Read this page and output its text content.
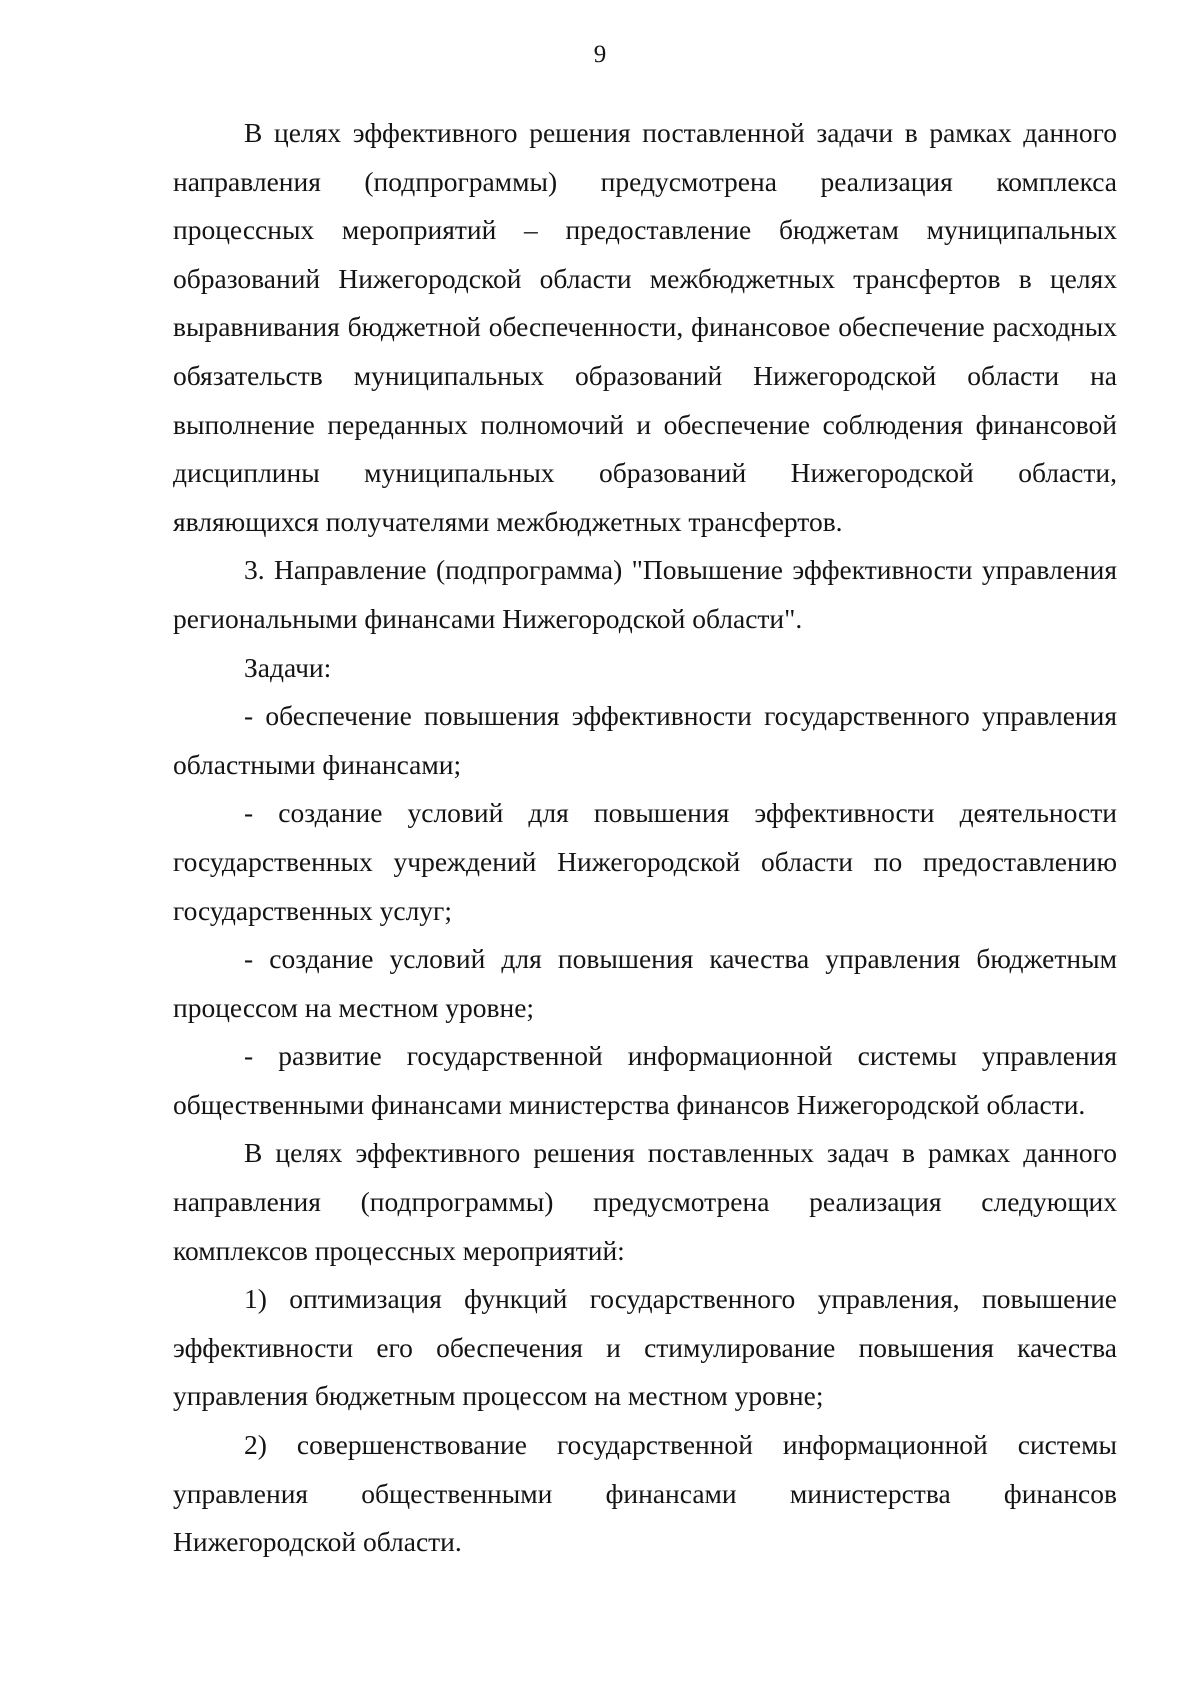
9

В целях эффективного решения поставленной задачи в рамках данного направления (подпрограммы) предусмотрена реализация комплекса процессных мероприятий – предоставление бюджетам муниципальных образований Нижегородской области межбюджетных трансфертов в целях выравнивания бюджетной обеспеченности, финансовое обеспечение расходных обязательств муниципальных образований Нижегородской области на выполнение переданных полномочий и обеспечение соблюдения финансовой дисциплины муниципальных образований Нижегородской области, являющихся получателями межбюджетных трансфертов.

3. Направление (подпрограмма) "Повышение эффективности управления региональными финансами Нижегородской области".

Задачи:

- обеспечение повышения эффективности государственного управления областными финансами;

- создание условий для повышения эффективности деятельности государственных учреждений Нижегородской области по предоставлению государственных услуг;

- создание условий для повышения качества управления бюджетным процессом на местном уровне;

- развитие государственной информационной системы управления общественными финансами министерства финансов Нижегородской области.

В целях эффективного решения поставленных задач в рамках данного направления (подпрограммы) предусмотрена реализация следующих комплексов процессных мероприятий:

1) оптимизация функций государственного управления, повышение эффективности его обеспечения и стимулирование повышения качества управления бюджетным процессом на местном уровне;

2) совершенствование государственной информационной системы управления общественными финансами министерства финансов Нижегородской области.
